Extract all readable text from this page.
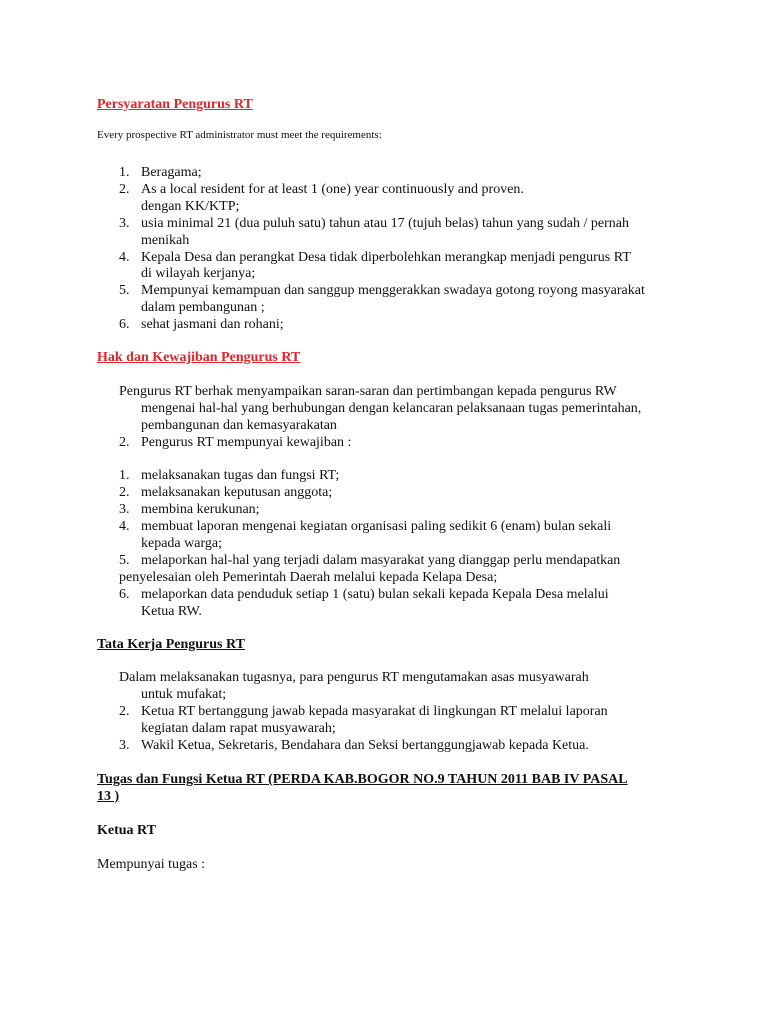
Persyaratan Pengurus RT
Every prospective RT administrator must meet the requirements:
1. Beragama;
2. As a local resident for at least 1 (one) year continuously and proven.
dengan KK/KTP;
3. usia minimal 21 (dua puluh satu) tahun atau 17 (tujuh belas) tahun yang sudah / pernah
menikah
4. Kepala Desa dan perangkat Desa tidak diperbolehkan merangkap menjadi pengurus RT
di wilayah kerjanya;
5. Mempunyai kemampuan dan sanggup menggerakkan swadaya gotong royong masyarakat
dalam pembangunan ;
6. sehat jasmani dan rohani;
Hak dan Kewajiban Pengurus RT
Pengurus RT berhak menyampaikan saran-saran dan pertimbangan kepada pengurus RW
mengenai hal-hal yang berhubungan dengan kelancaran pelaksanaan tugas pemerintahan,
pembangunan dan kemasyarakatan
2. Pengurus RT mempunyai kewajiban :
1. melaksanakan tugas dan fungsi RT;
2. melaksanakan keputusan anggota;
3. membina kerukunan;
4. membuat laporan mengenai kegiatan organisasi paling sedikit 6 (enam) bulan sekali
kepada warga;
5. melaporkan hal-hal yang terjadi dalam masyarakat yang dianggap perlu mendapatkan
penyelesaian oleh Pemerintah Daerah melalui kepada Kelapa Desa;
6. melaporkan data penduduk setiap 1 (satu) bulan sekali kepada Kepala Desa melalui
Ketua RW.
Tata Kerja Pengurus RT
Dalam melaksanakan tugasnya, para pengurus RT mengutamakan asas musyawarah
untuk mufakat;
2. Ketua RT bertanggung jawab kepada masyarakat di lingkungan RT melalui laporan
kegiatan dalam rapat musyawarah;
3. Wakil Ketua, Sekretaris, Bendahara dan Seksi bertanggungjawab kepada Ketua.
Tugas dan Fungsi Ketua RT (PERDA KAB.BOGOR NO.9 TAHUN 2011 BAB IV PASAL
13 )
Ketua RT
Mempunyai tugas :
